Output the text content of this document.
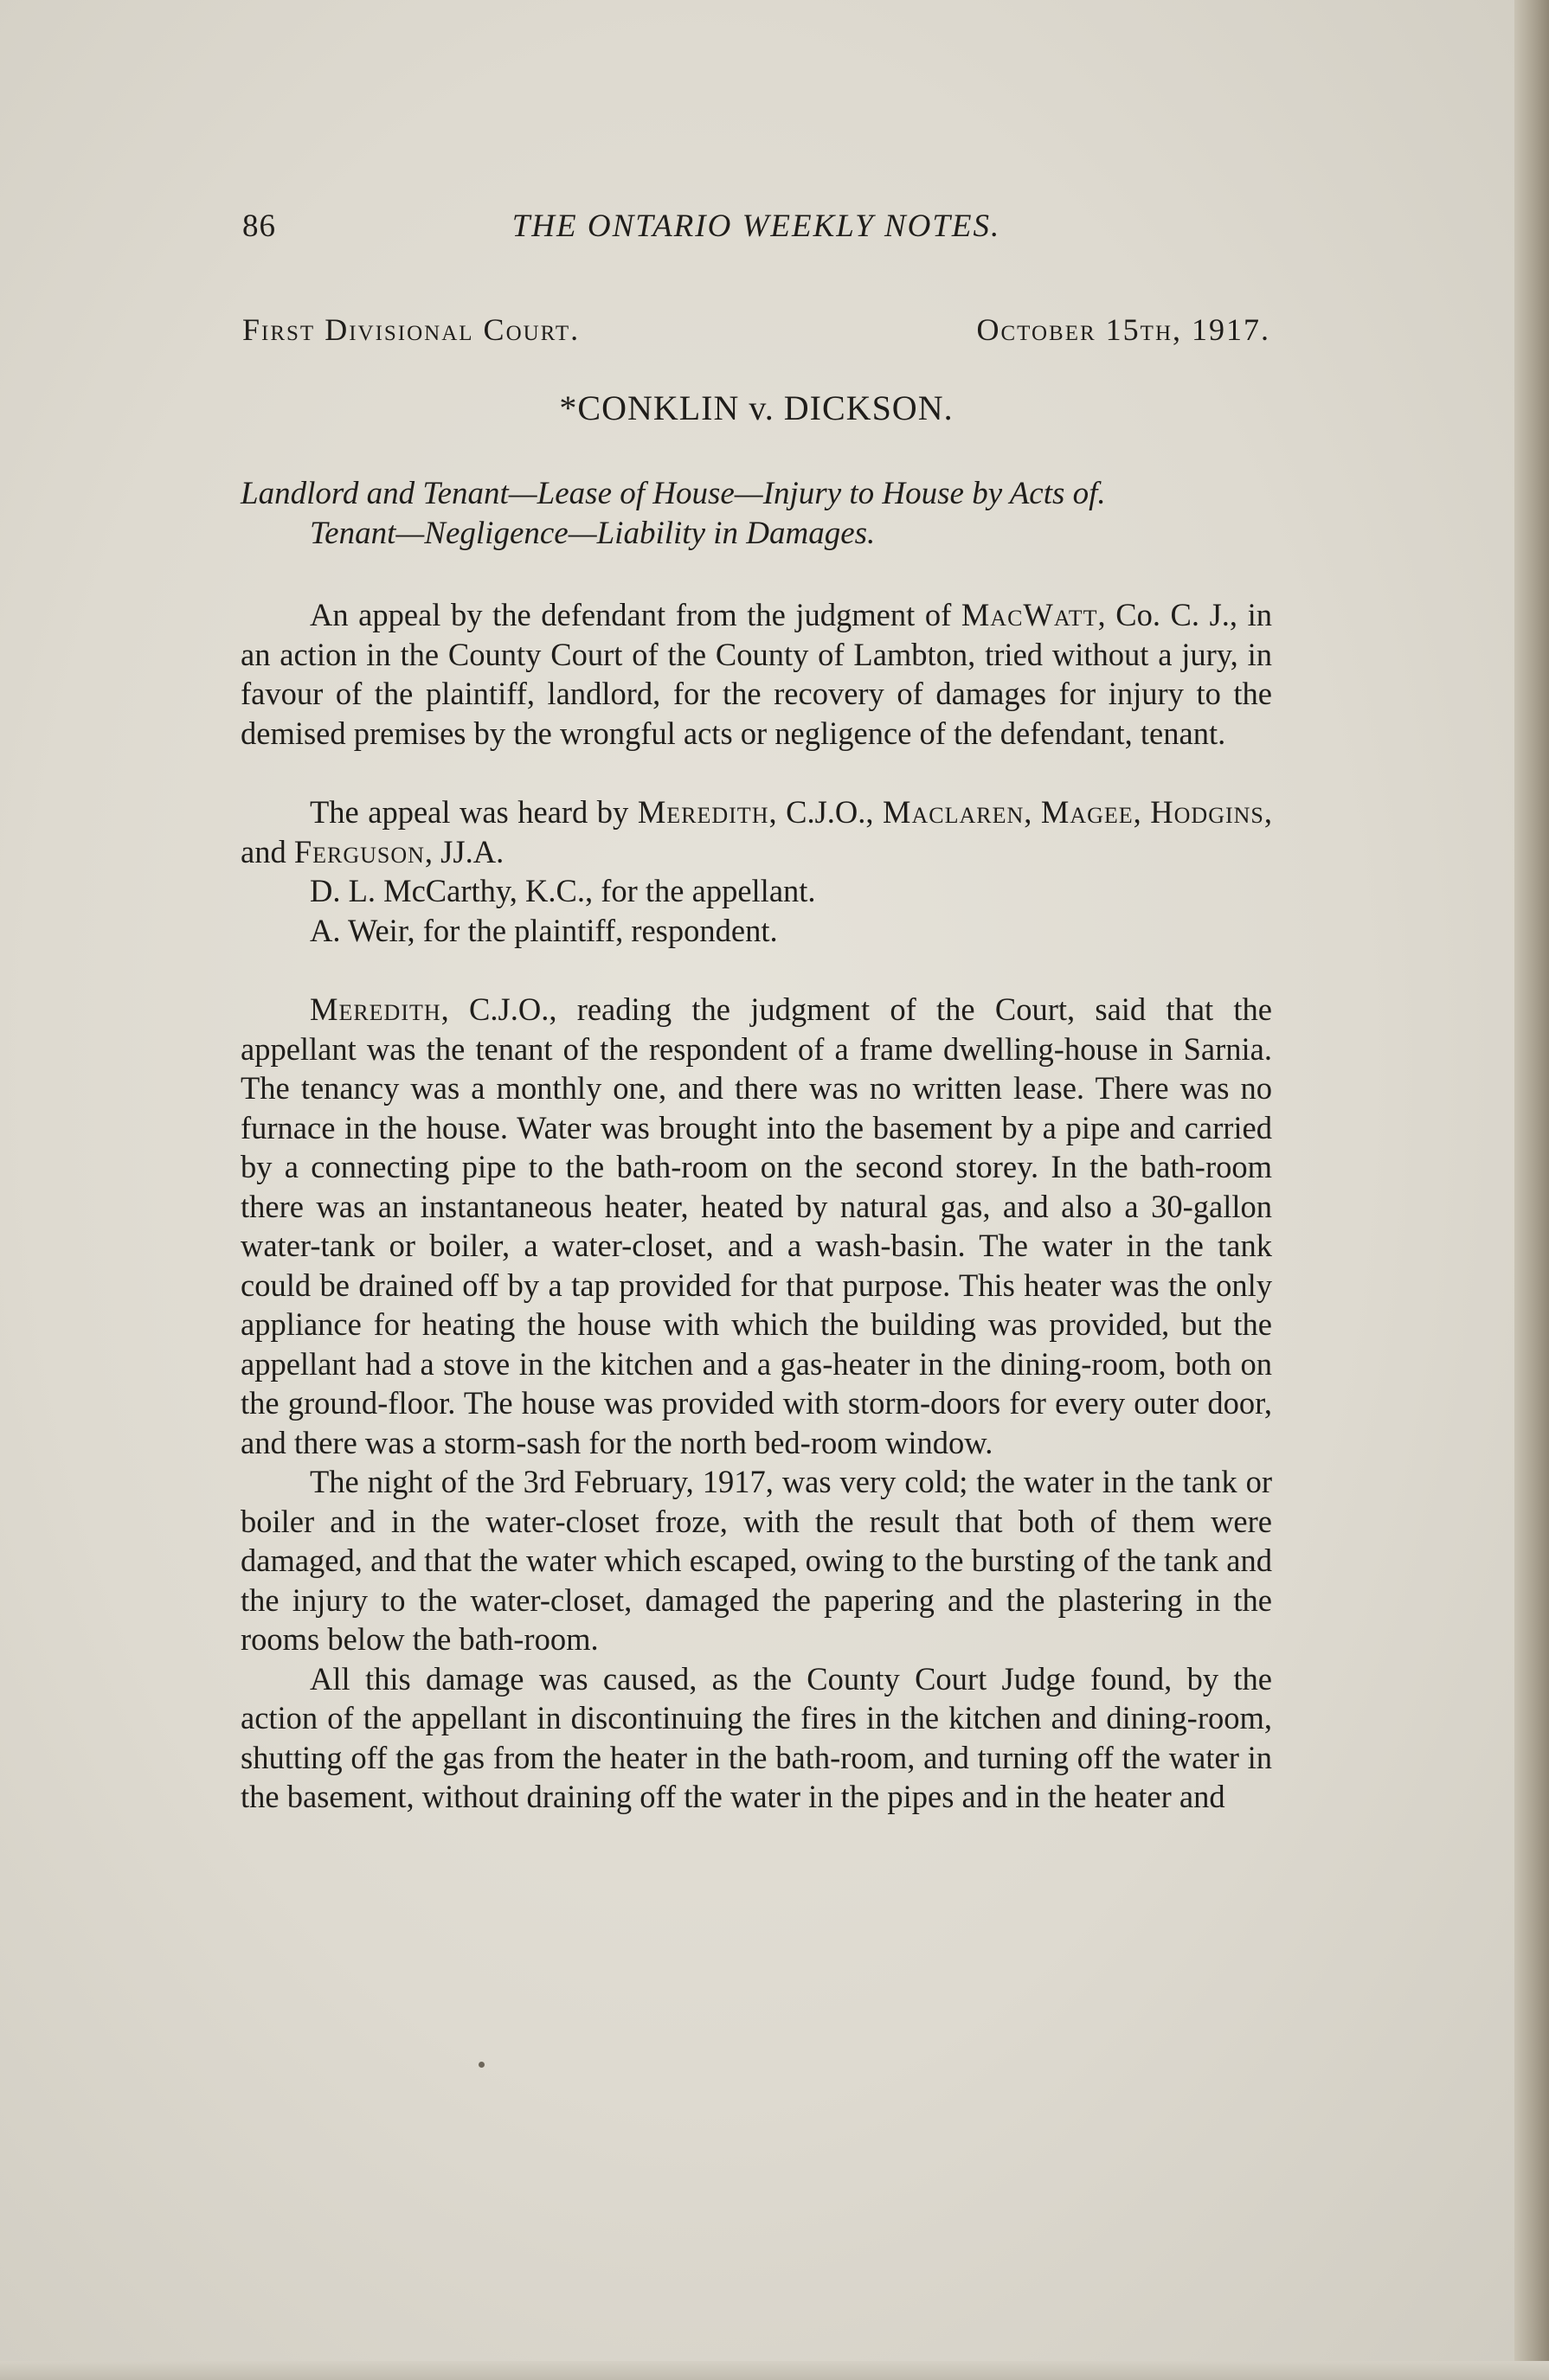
86	THE ONTARIO WEEKLY NOTES.
First Divisional Court.	October 15th, 1917.
*CONKLIN v. DICKSON.
Landlord and Tenant—Lease of House—Injury to House by Acts of.
Tenant—Negligence—Liability in Damages.

An appeal by the defendant from the judgment of MacWatt, Co. C. J., in an action in the County Court of the County of Lambton, tried without a jury, in favour of the plaintiff, landlord, for the recovery of damages for injury to the demised premises by the wrongful acts or negligence of the defendant, tenant.

The appeal was heard by Meredith, C.J.O., Maclaren, Magee, Hodgins, and Ferguson, JJ.A.

D. L. McCarthy, K.C., for the appellant.

A. Weir, for the plaintiff, respondent.

Meredith, C.J.O., reading the judgment of the Court, said that the appellant was the tenant of the respondent of a frame dwelling-house in Sarnia. The tenancy was a monthly one, and there was no written lease. There was no furnace in the house. Water was brought into the basement by a pipe and carried by a connecting pipe to the bath-room on the second storey. In the bath-room there was an instantaneous heater, heated by natural gas, and also a 30-gallon water-tank or boiler, a water-closet, and a wash-basin. The water in the tank could be drained off by a tap provided for that purpose. This heater was the only appliance for heating the house with which the building was provided, but the appellant had a stove in the kitchen and a gas-heater in the dining-room, both on the ground-floor. The house was provided with storm-doors for every outer door, and there was a storm-sash for the north bed-room window.

The night of the 3rd February, 1917, was very cold; the water in the tank or boiler and in the water-closet froze, with the result that both of them were damaged, and that the water which escaped, owing to the bursting of the tank and the injury to the water-closet, damaged the papering and the plastering in the rooms below the bath-room.

All this damage was caused, as the County Court Judge found, by the action of the appellant in discontinuing the fires in the kitchen and dining-room, shutting off the gas from the heater in the bath-room, and turning off the water in the basement, without draining off the water in the pipes and in the heater and
